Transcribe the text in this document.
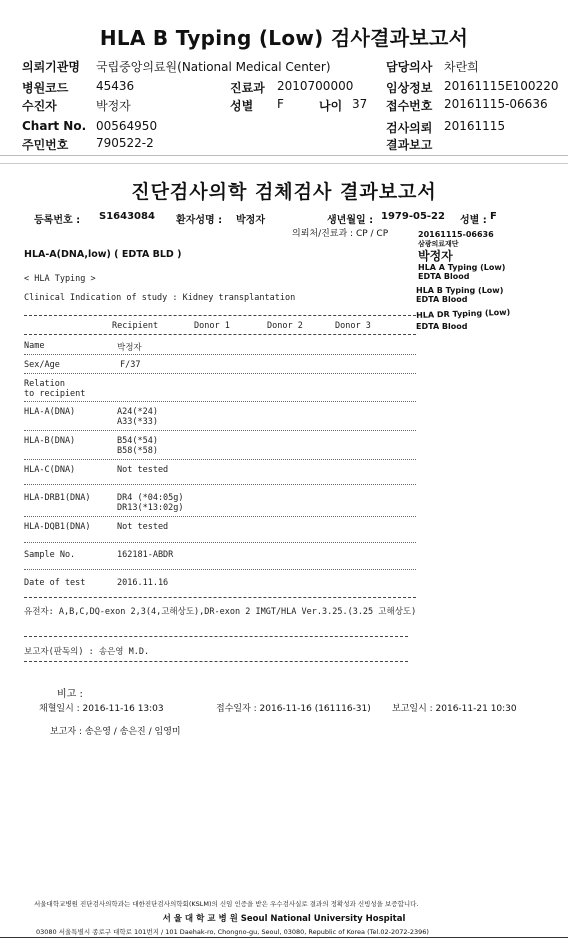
HLA B Typing (Low) 검사결과보고서
의뢰기관명 국립중앙의료원(National Medical Center)	담당의사 차란희
병원코드 45436	진료과 2010700000	임상정보 20161115E100220
수진자	박정자	성별 F	나이 37 접수번호 20161115-06636
Chart No. 00564950	검사의뢰 20161115
주민번호 790522-2	결과보고
진단검사의학 검체검사 결과보고서
등록번호 : S1643084 환자성명 : 박정자	생년월일 : 1979-05-22 성별 : F
의뢰처/진료과 : CP / CP
HLA-A(DNA,low) ( EDTA BLD )
20161115-06636
삼광의료재단
박정자
HLA A Typing (Low)
EDTA Blood
HLA B Typing (Low)
EDTA Blood
HLA DR Typing (Low)
EDTA Blood
< HLA Typing >
Clinical Indication of study : Kidney transplantation
Recipient	Donor 1	Donor 2	Donor 3
Name	박정자
Sex/Age	F/37
Relation
to recipient
HLA-A(DNA)	A24(*24)
A33(*33)
HLA-B(DNA)	B54(*54)
B58(*58)
HLA-C(DNA)	Not tested
HLA-DRB1(DNA)	DR4 (*04:05g)
DR13(*13:02g)
HLA-DQB1(DNA)	Not tested
Sample No.	162181-ABDR
Date of test	2016.11.16
유전자: A,B,C,DQ-exon 2,3(4,고해상도),DR-exon 2 IMGT/HLA Ver.3.25.(3.25 고해상도)
보고자(판독의) : 송은영 M.D.
비고 :
채혈일시 : 2016-11-16 13:03	접수일자 : 2016-11-16 (161116-31) 보고일시 : 2016-11-21 10:30
보고자 : 송은영 / 송은진 / 임영미
서울대학교병원 진단검사의학과는 대한진단검사의학회(KSLM)의 신임 인증을 받은 우수검사실로 결과의 정확성과 신빙성을 보증합니다.
서 울 대 학 교 병 원 Seoul National University Hospital
03080 서울특별시 종로구 대학로 101번지 / 101 Daehak-ro, Chongno-gu, Seoul, 03080, Republic of Korea (Tel.02-2072-2396)
